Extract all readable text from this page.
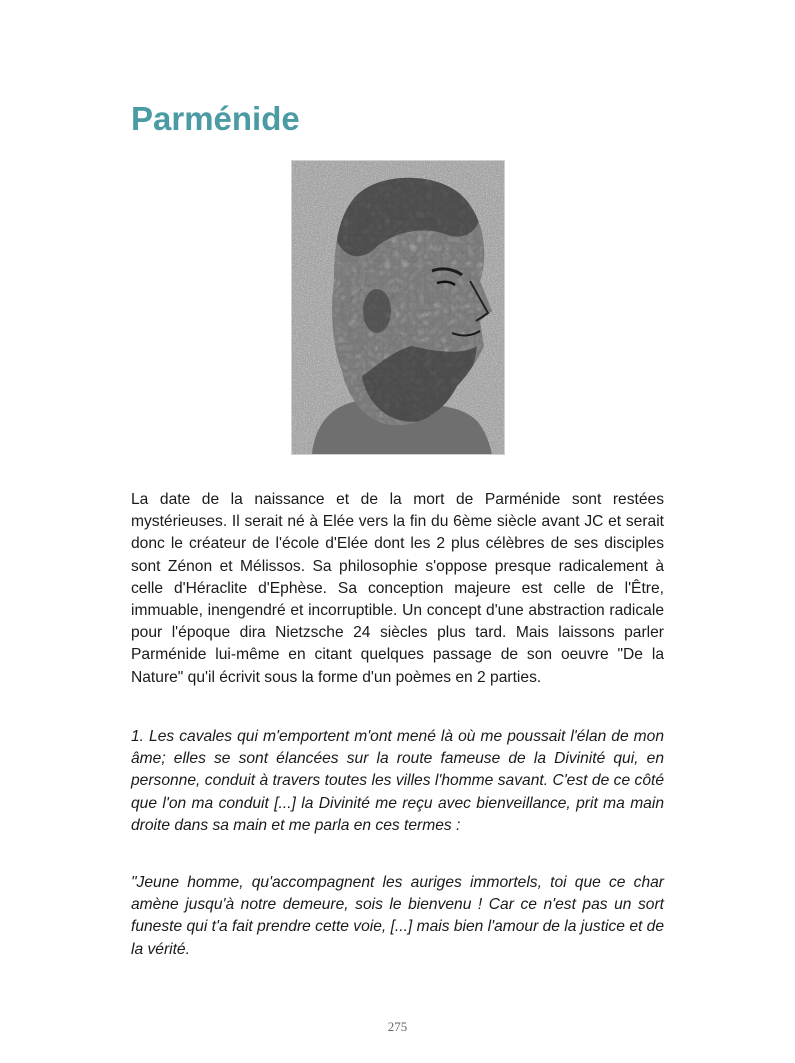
Parménide

La date de la naissance et de la mort de Parménide sont restées mystérieuses. Il serait né à Elée vers la fin du 6ème siècle avant JC et serait donc le créateur de l'école d'Elée dont les 2 plus célèbres de ses disciples sont Zénon et Mélissos. Sa philosophie s'oppose presque radicalement à celle d'Héraclite d'Ephèse. Sa conception majeure est celle de l'Être, immuable, inengendré et incorruptible. Un concept d'une abstraction radicale pour l'époque dira Nietzsche 24 siècles plus tard. Mais laissons parler Parménide lui-même en citant quelques passage de son oeuvre "De la Nature" qu'il écrivit sous la forme d'un poèmes en 2 parties.

1. Les cavales qui m'emportent m'ont mené là où me poussait l'élan de mon âme; elles se sont élancées sur la route fameuse de la Divinité qui, en personne, conduit à travers toutes les villes l'homme savant. C'est de ce côté que l'on ma conduit [...] la Divinité me reçu avec bienveillance, prit ma main droite dans sa main et me parla en ces termes :

"Jeune homme, qu'accompagnent les auriges immortels, toi que ce char amène jusqu'à notre demeure, sois le bienvenu ! Car ce n'est pas un sort funeste qui t'a fait prendre cette voie, [...] mais bien l'amour de la justice et de la vérité.

275
